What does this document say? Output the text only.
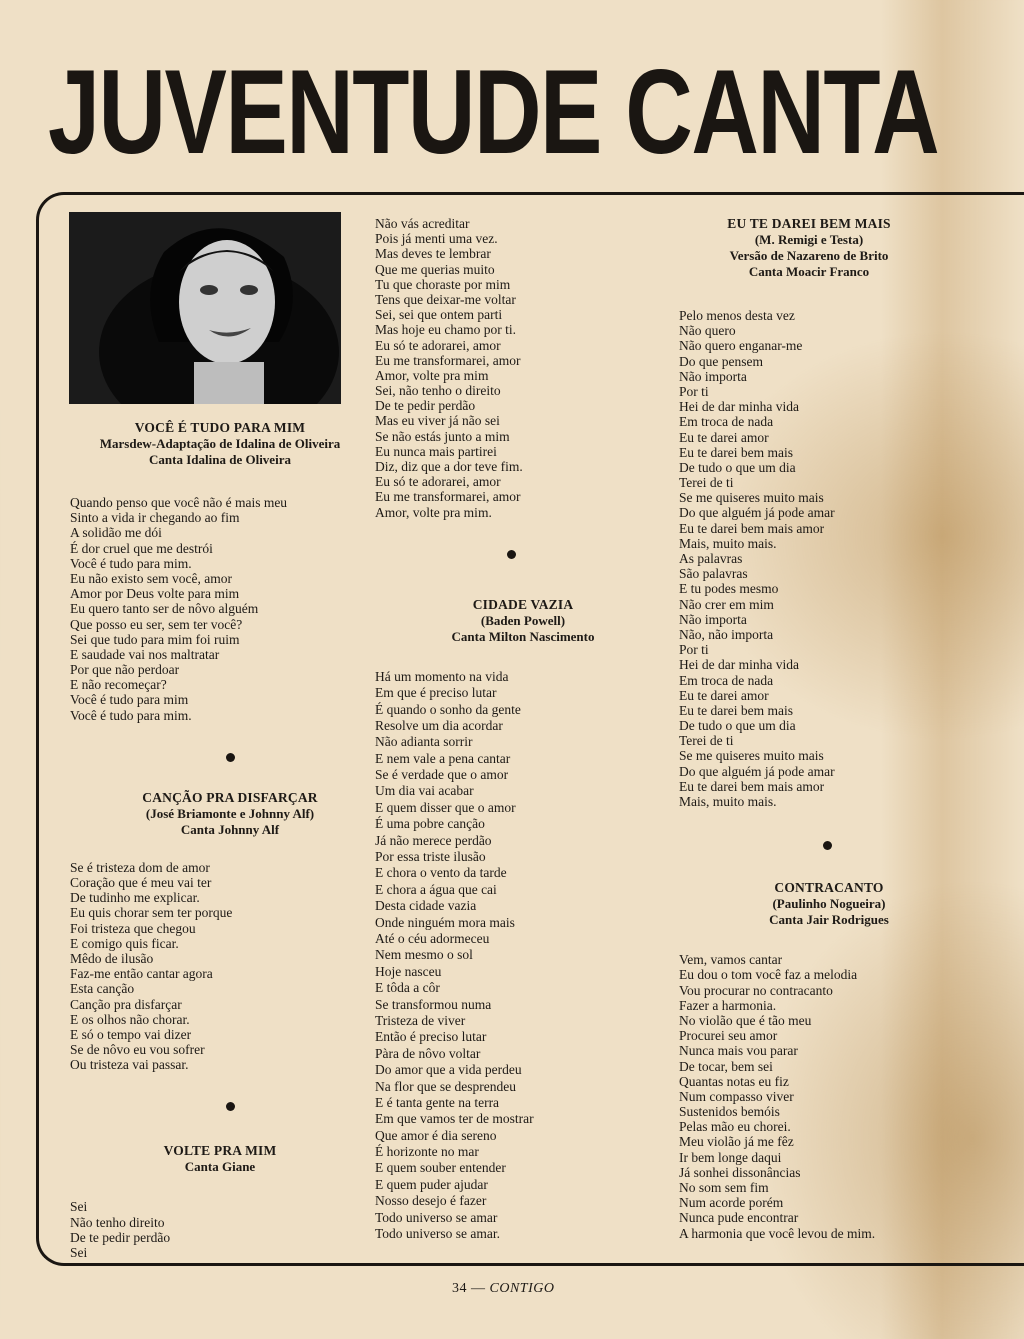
JUVENTUDE CANTA
VOCÊ É TUDO PARA MIM
Marsdew-Adaptação de Idalina de Oliveira
Canta Idalina de Oliveira
Quando penso que você não é mais meu
Sinto a vida ir chegando ao fim
A solidão me dói
É dor cruel que me destrói
Você é tudo para mim.
Eu não existo sem você, amor
Amor por Deus volte para mim
Eu quero tanto ser de nôvo alguém
Que posso eu ser, sem ter você?
Sei que tudo para mim foi ruim
E saudade vai nos maltratar
Por que não perdoar
E não recomeçar?
Você é tudo para mim
Você é tudo para mim.
CANÇÃO PRA DISFARÇAR
(José Briamonte e Johnny Alf)
Canta Johnny Alf
Se é tristeza dom de amor
Coração que é meu vai ter
De tudinho me explicar.
Eu quis chorar sem ter porque
Foi tristeza que chegou
E comigo quis ficar.
Mêdo de ilusão
Faz-me então cantar agora
Esta canção
Canção pra disfarçar
E os olhos não chorar.
E só o tempo vai dizer
Se de nôvo eu vou sofrer
Ou tristeza vai passar.
VOLTE PRA MIM
Canta Giane
Sei
Não tenho direito
De te pedir perdão
Sei
Não vás acreditar
Pois já menti uma vez.
Mas deves te lembrar
Que me querias muito
Tu que choraste por mim
Tens que deixar-me voltar
Sei, sei que ontem parti
Mas hoje eu chamo por ti.
Eu só te adorarei, amor
Eu me transformarei, amor
Amor, volte pra mim
Sei, não tenho o direito
De te pedir perdão
Mas eu viver já não sei
Se não estás junto a mim
Eu nunca mais partirei
Diz, diz que a dor teve fim.
Eu só te adorarei, amor
Eu me transformarei, amor
Amor, volte pra mim.
CIDADE VAZIA
(Baden Powell)
Canta Milton Nascimento
Há um momento na vida
Em que é preciso lutar
É quando o sonho da gente
Resolve um dia acordar
Não adianta sorrir
E nem vale a pena cantar
Se é verdade que o amor
Um dia vai acabar
E quem disser que o amor
É uma pobre canção
Já não merece perdão
Por essa triste ilusão
E chora o vento da tarde
E chora a água que cai
Desta cidade vazia
Onde ninguém mora mais
Até o céu adormeceu
Nem mesmo o sol
Hoje nasceu
E tôda a côr
Se transformou numa
Tristeza de viver
Então é preciso lutar
Pàra de nôvo voltar
Do amor que a vida perdeu
Na flor que se desprendeu
E é tanta gente na terra
Em que vamos ter de mostrar
Que amor é dia sereno
É horizonte no mar
E quem souber entender
E quem puder ajudar
Nosso desejo é fazer
Todo universo se amar
Todo universo se amar.
EU TE DAREI BEM MAIS
(M. Remigi e Testa)
Versão de Nazareno de Brito
Canta Moacir Franco
Pelo menos desta vez
Não quero
Não quero enganar-me
Do que pensem
Não importa
Por ti
Hei de dar minha vida
Em troca de nada
Eu te darei amor
Eu te darei bem mais
De tudo o que um dia
Terei de ti
Se me quiseres muito mais
Do que alguém já pode amar
Eu te darei bem mais amor
Mais, muito mais.
As palavras
São palavras
E tu podes mesmo
Não crer em mim
Não importa
Não, não importa
Por ti
Hei de dar minha vida
Em troca de nada
Eu te darei amor
Eu te darei bem mais
De tudo o que um dia
Terei de ti
Se me quiseres muito mais
Do que alguém já pode amar
Eu te darei bem mais amor
Mais, muito mais.
CONTRACANTO
(Paulinho Nogueira)
Canta Jair Rodrigues
Vem, vamos cantar
Eu dou o tom você faz a melodia
Vou procurar no contracanto
Fazer a harmonia.
No violão que é tão meu
Procurei seu amor
Nunca mais vou parar
De tocar, bem sei
Quantas notas eu fiz
Num compasso viver
Sustenidos bemóis
Pelas mão eu chorei.
Meu violão já me fêz
Ir bem longe daqui
Já sonhei dissonâncias
No som sem fim
Num acorde porém
Nunca pude encontrar
A harmonia que você levou de mim.
34 — CONTIGO
